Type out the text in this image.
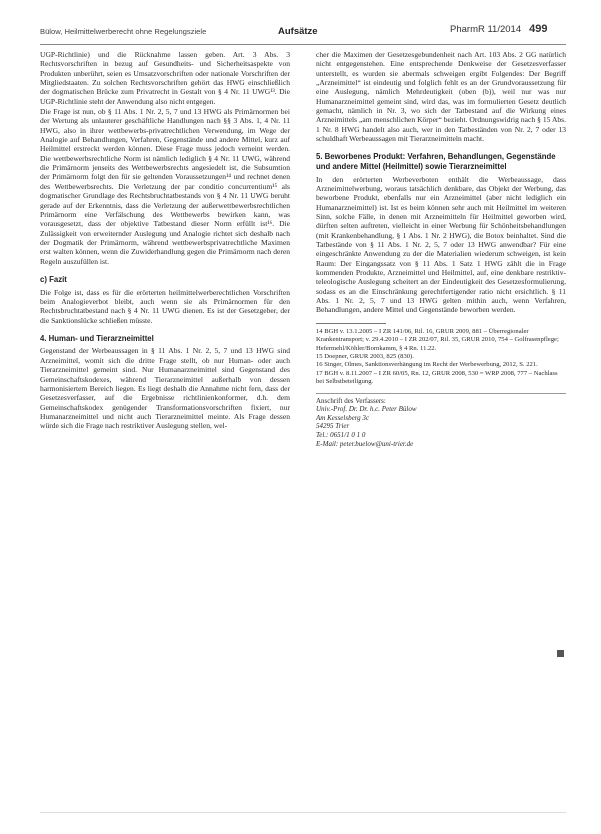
Bülow, Heilmittelwerberecht ohne Regelungsziele	Aufsätze	PharmR 11/2014 499

UGP-Richtlinie) und die Rücknahme lassen geben. Art. 3 Abs. 3 Rechtsvorschriften in bezug auf Gesundheits- und Sicherheitsaspekte von Produkten unberührt, seien es Umsatzvorschriften oder nationale Vorschriften der Mitgliedstaaten. Zu solchen Rechtsvorschriften gehört das HWG einschließlich der dogmatischen Brücke zum Privatrecht in Gestalt von § 4 Nr. 11 UWG¹³. Die UGP-Richtlinie steht der Anwendung also nicht entgegen.

Die Frage ist nun, ob § 11 Abs. 1 Nr. 2, 5, 7 und 13 HWG als Primärnormen bei der Wertung als unlauterer geschäftliche Handlungen nach §§ 3 Abs. 1, 4 Nr. 11 HWG, also in ihrer wettbewerbs-privatrechtlichen Verwendung, im Wege der Analogie auf Behandlungen, Verfahren, Gegenstände und andere Mittel, kurz auf Heilmittel erstreckt werden können. Diese Frage muss jedoch verneint werden. Die wettbewerbsrechtliche Norm ist nämlich lediglich § 4 Nr. 11 UWG, während die Primärnorm jenseits des Wettbewerbsrechts angesiedelt ist, die Subsumtion der Primärnorm folgt den für sie geltenden Voraussetzungen¹⁴ und rechnet denen des Wettbewerbsrechts. Die Verletzung der par conditio concurrentium¹⁵ als dogmatischer Grundlage des Rechtsbruchtatbestands von § 4 Nr. 11 UWG beruht gerade auf der Erkenntnis, dass die Verletzung der außerwettbewerbsrechtlichen Primärnorm eine Verfälschung des Wettbewerbs bewirken kann, was vorausgesetzt, dass der objektive Tatbestand dieser Norm erfüllt ist¹⁶. Die Zulässigkeit von erweiternder Auslegung und Analogie richtet sich deshalb nach der Dogmatik der Primärnorm, während wettbewerbsprivatrechtliche Maximen erst walten können, wenn die Zuwiderhandlung gegen die Primärnorm nach deren Regeln auszufüllen ist.

c) Fazit

Die Folge ist, dass es für die erörterten heilmittelwerberechtlichen Vorschriften beim Analogieverbot bleibt, auch wenn sie als Primärnormen für den Rechtsbruchtatbestand nach § 4 Nr. 11 UWG dienen. Es ist der Gesetzgeber, der die Sanktionslücke schließen müsste.

4. Human- und Tierarzneimittel

Gegenstand der Werbeaussagen in § 11 Abs. 1 Nr. 2, 5, 7 und 13 HWG sind Arzneimittel, womit sich die dritte Frage stellt, ob nur Human- oder auch Tierarzneimittel gemeint sind. Nur Humanarzneimittel sind Gegenstand des Gemeinschaftskodexes, während Tierarzneimittel außerhalb von dessen harmonisiertem Bereich liegen. Es liegt deshalb die Annahme nicht fern, dass der Gesetzesverfasser, auf die Ergebnisse richtlinienkonformer, d.h. dem Gemeinschaftskodex genügender Transformationsvorschriften fixiert, nur Humanarzneimittel und nicht auch Tierarzneimittel meinte. Als Frage dessen würde sich die Frage nach restriktiver Auslegung stellen, wel-

cher die Maximen der Gesetzesgebundenheit nach Art. 103 Abs. 2 GG natürlich nicht entgegenstehen. Eine entsprechende Denkweise der Gesetzesverfasser unterstellt, es wurden sie abermals schweigen ergibt Folgendes: Der Begriff „Arzneimittel“ ist eindeutig und folglich fehlt es an der Grundvoraussetzung für eine Auslegung, nämlich Mehrdeutigkeit (oben (b)), weil nur was nur Humanarzneimittel gemeint sind, wird das, was im formulierten Gesetz deutlich gemacht, nämlich in Nr. 3, wo sich der Tatbestand auf die Wirkung eines Arzneimittels „am menschlichen Körper“ bezieht. Ordnungswidrig nach § 15 Abs. 1 Nr. 8 HWG handelt also auch, wer in den Tatbeständen von Nr. 2, 7 oder 13 schuldhaft Werbeaussagen mit Tierarzneimitteln macht.

5. Beworbenes Produkt: Verfahren, Behandlungen, Gegenstände und andere Mittel (Heilmittel) sowie Tierarzneimittel

In den erörterten Werbeverboten enthält die Werbeaussage, dass Arzneimittelwerbung, woraus tatsächlich denkbare, das Objekt der Werbung, das beworbene Produkt, ebenfalls nur ein Arzneimittel (aber nicht lediglich ein Humanarzneimittel) ist. Ist es beim können sehr auch mit Heilmittel im weiteren Sinn, solche Fälle, in denen mit Arzneimitteln für Heilmittel geworben wird, dürften selten auftreten, vielleicht in einer Werbung für Schönheitsbehandlungen (mit Krankenbehandlung, § 1 Abs. 1 Nr. 2 HWG), die Botox beinhaltet. Sind die Tatbestände von § 11 Abs. 1 Nr. 2, 5, 7 oder 13 HWG anwendbar? Für eine eingeschränkte Anwendung zu der die Materialien wiederum schweigen, ist kein Raum: Der Eingangssatz von § 11 Abs. 1 Satz 1 HWG zählt die in Frage kommenden Produkte, Arzneimittel und Heilmittel, auf, eine denkbare restriktiv-teleologische Auslegung scheitert an der Eindeutigkeit des Gesetzesformulierung, sodass es an die Einschränkung gerechtfertigender ratio nicht ersichtlich. § 11 Abs. 1 Nr. 2, 5, 7 und 13 HWG gelten mithin auch, wenn Verfahren, Behandlungen, andere Mittel und Gegenstände beworben werden.

14 BGH v. 13.1.2005 – I ZR 141/06, Ril. 16, GRUR 2009, 881 – Überregionaler Krankentransport; v. 29.4.2010 – I ZR 202/07, Ril. 35, GRUR 2010, 754 – Golfrasenpflege; Hefermehl/Köhler/Bornkamm, § 4 Rn. 11.22.

15 Doepner, GRUR 2003, 825 (830).

16 Singer, Olmes, Sanktionsverhängung im Recht der Werbewerbung, 2012, S. 221.

17 BGH v. 8.11.2007 – I ZR 60/05, Rn. 12, GRUR 2008, 530 = WRP 2008, 777 – Nachlass bei Selbstbeteiligung.

Anschrift des Verfassers:
Univ.-Prof. Dr. Dr. h.c. Peter Bülow
Am Kesselsberg 3c
54295 Trier
Tel.: 0651/1 0 1 0
E-Mail: peter.buelow@uni-trier.de
